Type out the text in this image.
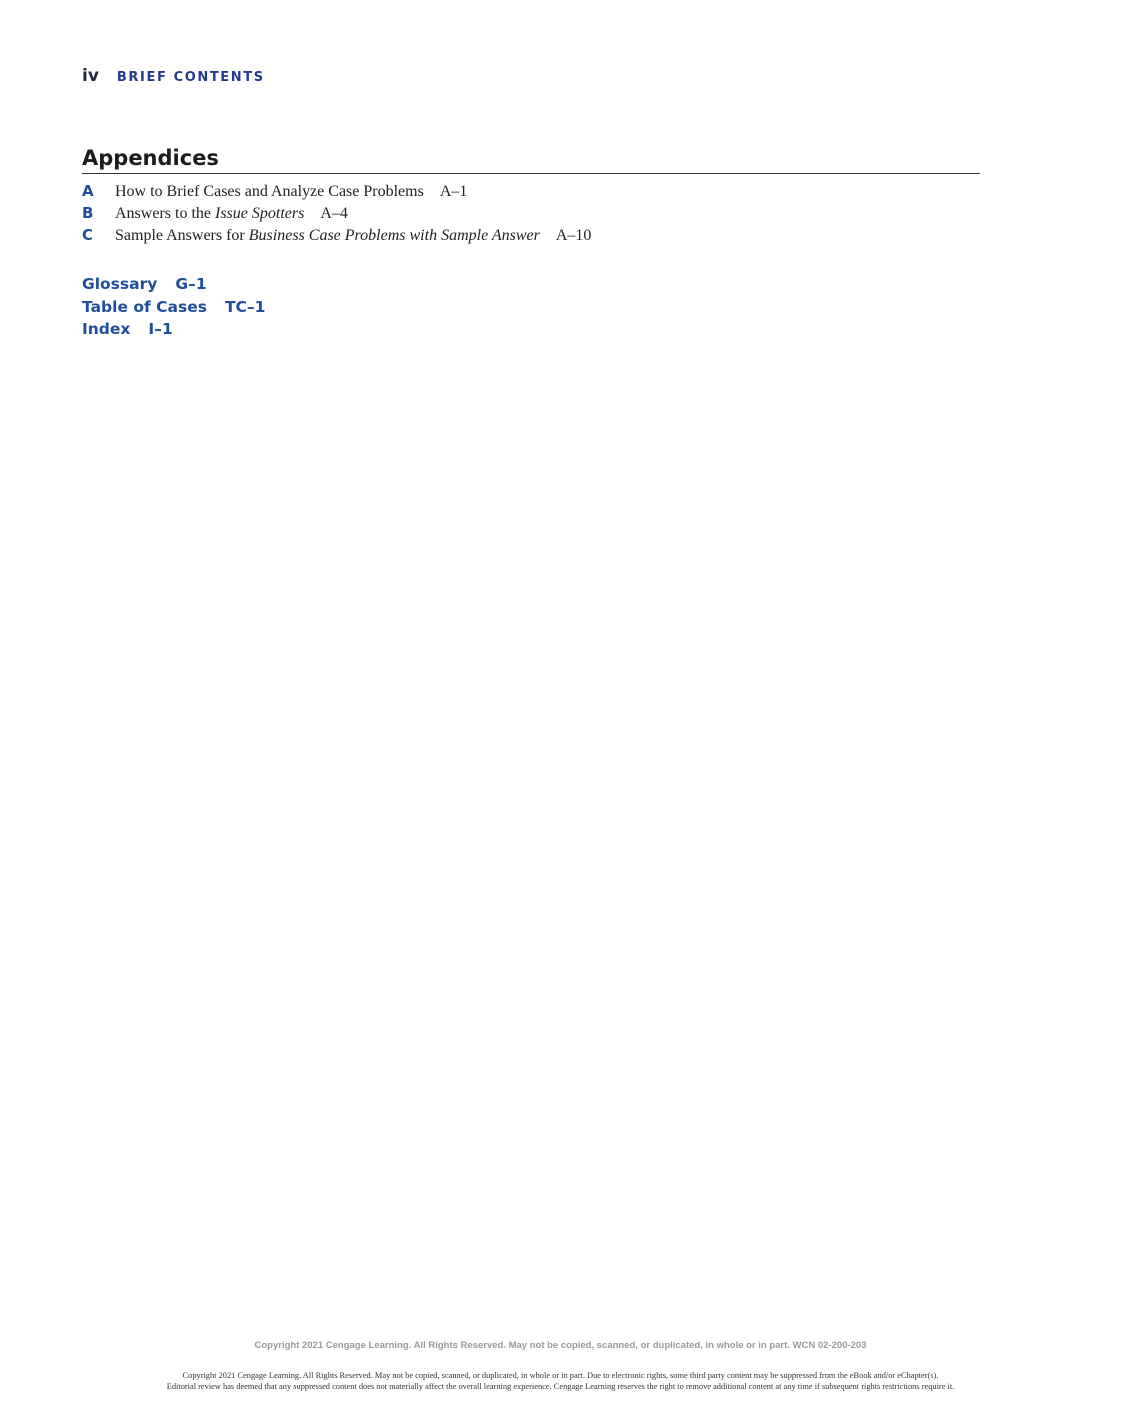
iv BRIEF CONTENTS
Appendices
A	How to Brief Cases and Analyze Case Problems A–1
B	Answers to the Issue Spotters A–4
C	Sample Answers for Business Case Problems with Sample Answer A–10
Glossary G–1
Table of Cases TC–1
Index I–1
Copyright 2021 Cengage Learning. All Rights Reserved. May not be copied, scanned, or duplicated, in whole or in part. WCN 02-200-203
Copyright 2021 Cengage Learning. All Rights Reserved. May not be copied, scanned, or duplicated, in whole or in part. Due to electronic rights, some third party content may be suppressed from the eBook and/or eChapter(s).
Editorial review has deemed that any suppressed content does not materially affect the overall learning experience. Cengage Learning reserves the right to remove additional content at any time if subsequent rights restrictions require it.
